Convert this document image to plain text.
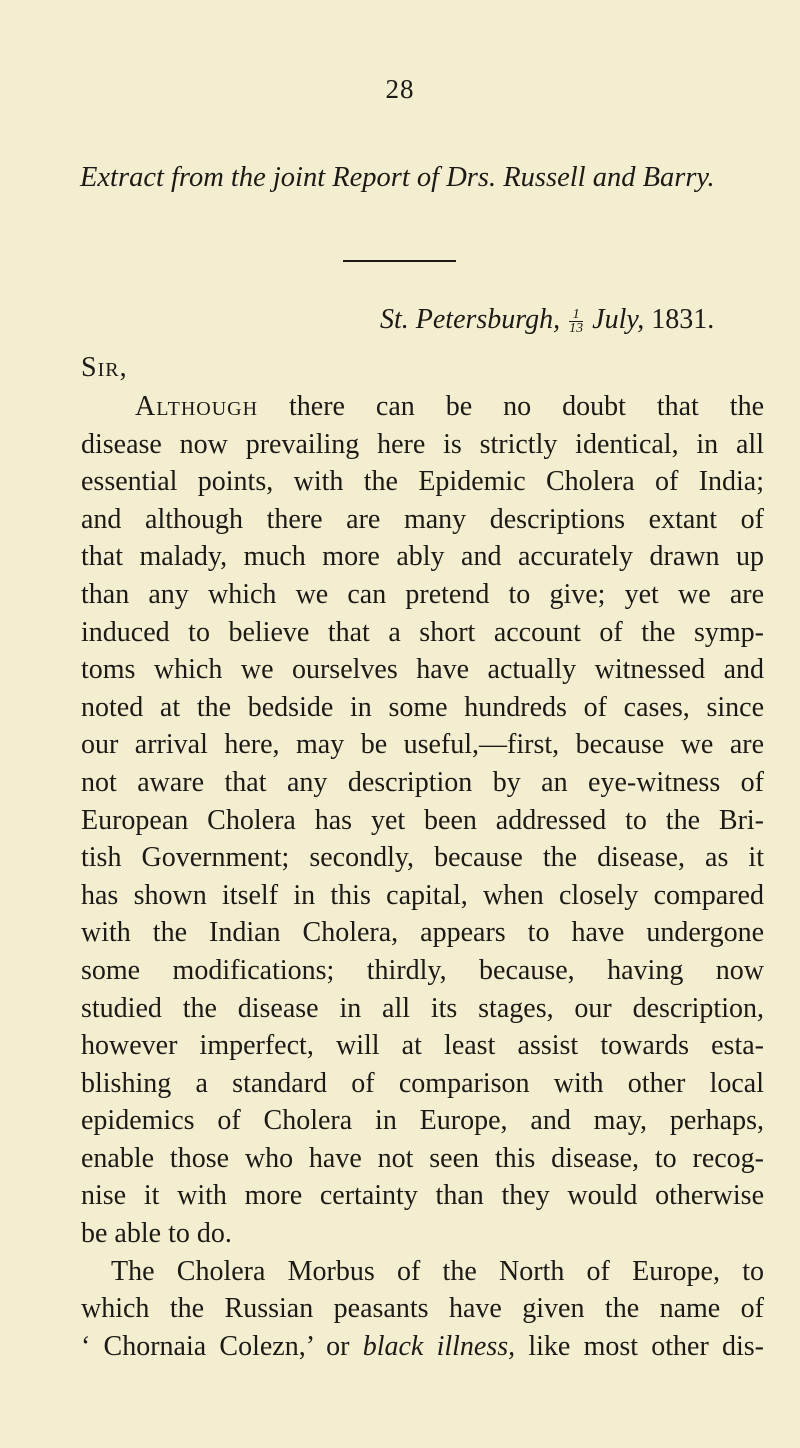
28
Extract from the joint Report of Drs. Russell and Barry.
St. Petersburgh, $\frac{1}{13}$ July, 1831.
Sir,
Although there can be no doubt that the
disease now prevailing here is strictly identical, in all
essential points, with the Epidemic Cholera of India;
and although there are many descriptions extant of
that malady, much more ably and accurately drawn up
than any which we can pretend to give; yet we are
induced to believe that a short account of the symp-
toms which we ourselves have actually witnessed and
noted at the bedside in some hundreds of cases, since
our arrival here, may be useful,—first, because we are
not aware that any description by an eye-witness of
European Cholera has yet been addressed to the Bri-
tish Government; secondly, because the disease, as it
has shown itself in this capital, when closely compared
with the Indian Cholera, appears to have undergone
some modifications; thirdly, because, having now
studied the disease in all its stages, our description,
however imperfect, will at least assist towards esta-
blishing a standard of comparison with other local
epidemics of Cholera in Europe, and may, perhaps,
enable those who have not seen this disease, to recog-
nise it with more certainty than they would otherwise
be able to do.
The Cholera Morbus of the North of Europe, to
which the Russian peasants have given the name of
‘ Chornaia Colezn,’ or black illness, like most other dis-
